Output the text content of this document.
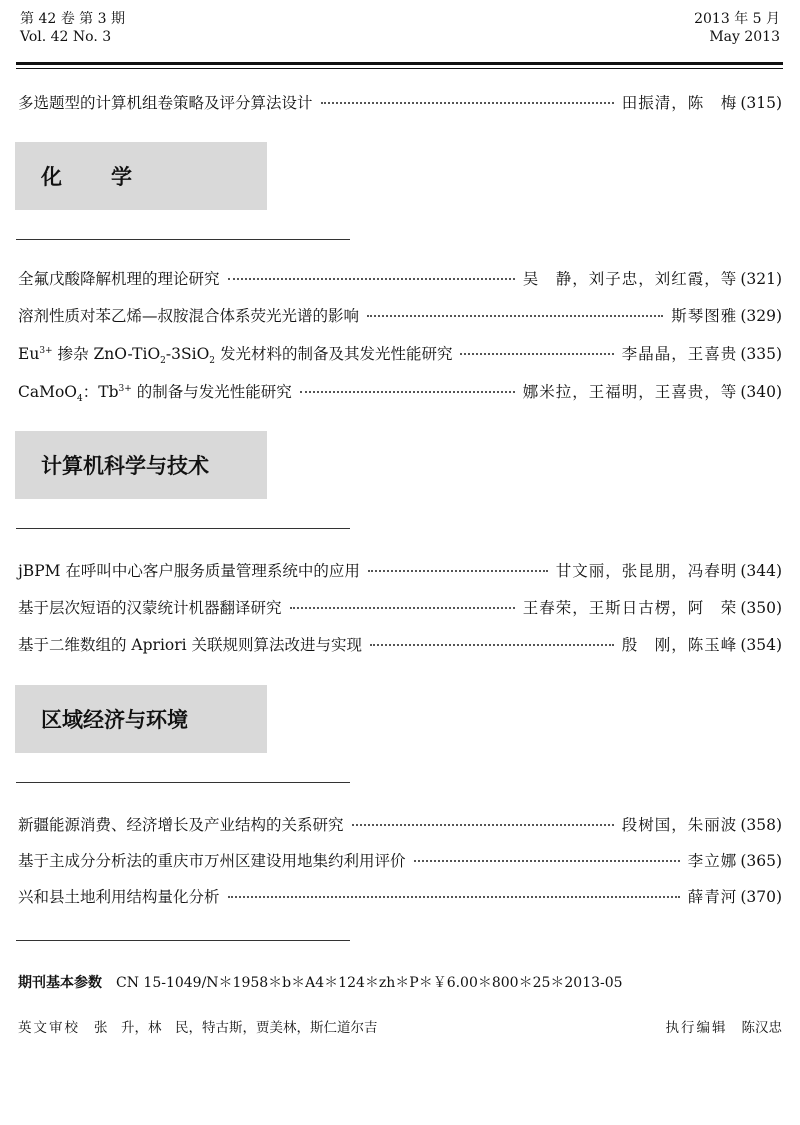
第 42 卷 第 3 期
Vol. 42 No. 3
2013 年 5 月
May 2013
多选题型的计算机组卷策略及评分算法设计	田振清，陈　梅 (315)
化　学
全氟戊酸降解机理的理论研究	吴　静，刘子忠，刘红霞，等 (321)
溶剂性质对苯乙烯—叔胺混合体系荧光光谱的影响	斯琴图雅 (329)
$Eu^{3+}$ 掺杂 ZnO-TiO$_2$-3SiO$_2$ 发光材料的制备及其发光性能研究	李晶晶，王喜贵 (335)
CaMoO$_4$：$Tb^{3+}$ 的制备与发光性能研究	娜米拉，王福明，王喜贵，等 (340)
计算机科学与技术
jBPM 在呼叫中心客户服务质量管理系统中的应用	甘文丽，张昆朋，冯春明 (344)
基于层次短语的汉蒙统计机器翻译研究	王春荣，王斯日古楞，阿　荣 (350)
基于二维数组的 Apriori 关联规则算法改进与实现	殷　刚，陈玉峰 (354)
区域经济与环境
新疆能源消费、经济增长及产业结构的关系研究	段树国，朱丽波 (358)
基于主成分分析法的重庆市万州区建设用地集约利用评价	李立娜 (365)
兴和县土地利用结构量化分析	薛青河 (370)
期刊基本参数 CN 15-1049/N＊1958＊b＊A4＊124＊zh＊P＊￥6.00＊800＊25＊2013-05
英文审校 张　升，林　民，特古斯，贾美林，斯仁道尔吉	执行编辑 陈汉忠
